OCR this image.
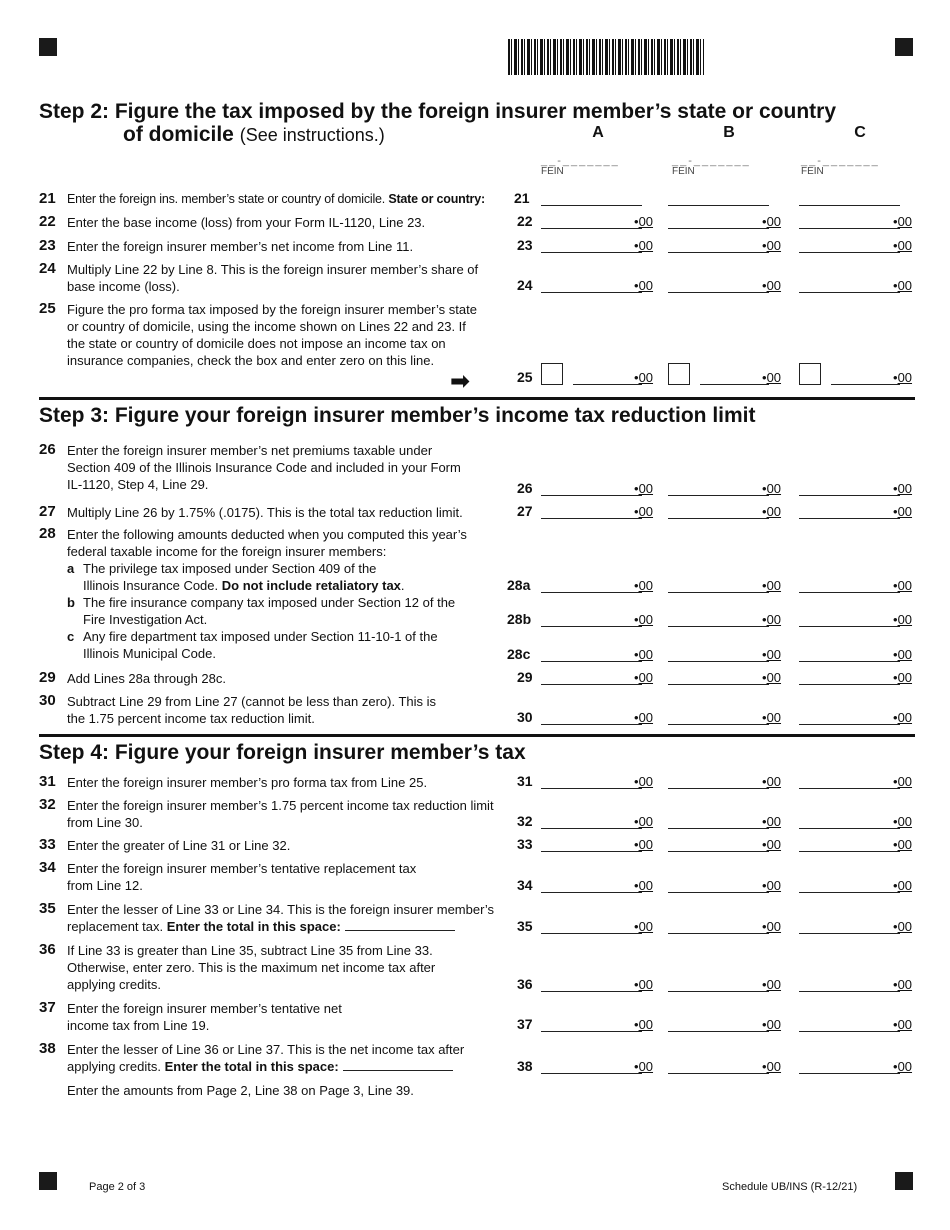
Step 2: Figure the tax imposed by the foreign insurer member’s state or country
of domicile (See instructions.)	A	B	C
__-_______
FEIN
__-_______
FEIN
__-_______
FEIN
21 Enter the foreign ins. member’s state or country of domicile. State or country:	21
22 Enter the base income (loss) from your Form IL-1120, Line 23.	22	•00	•00	•00
23 Enter the foreign insurer member’s net income from Line 11.	23	•00	•00	•00
24 Multiply Line 22 by Line 8. This is the foreign insurer member’s share of base income (loss).	24	•00	•00	•00
25 Figure the pro forma tax imposed by the foreign insurer member’s state or country of domicile, using the income shown on Lines 22 and 23. If the state or country of domicile does not impose an income tax on insurance companies, check the box and enter zero on this line.
25	•00	•00	•00
26 Enter the foreign insurer member’s net premiums taxable under Section 409 of the Illinois Insurance Code and included in your Form IL-1120, Step 4, Line 29.	26	•00	•00	•00
27 Multiply Line 26 by 1.75% (.0175). This is the total tax reduction limit.	27	•00	•00	•00
28 Enter the following amounts deducted when you computed this year’s federal taxable income for the foreign insurer members:
a The privilege tax imposed under Section 409 of the
Illinois Insurance Code. Do not include retaliatory tax.	28a	•00	•00	•00
b The fire insurance company tax imposed under Section 12 of the
Fire Investigation Act.	28b	•00	•00	•00
c Any fire department tax imposed under Section 11-10-1 of the
Illinois Municipal Code.	28c	•00	•00	•00
29 Add Lines 28a through 28c.	29	•00	•00	•00
30 Subtract Line 29 from Line 27 (cannot be less than zero). This is the 1.75 percent income tax reduction limit.	30	•00	•00	•00
31 Enter the foreign insurer member’s pro forma tax from Line 25.	31	•00	•00	•00
32 Enter the foreign insurer member’s 1.75 percent income tax reduction limit from Line 30.	32	•00	•00	•00
33 Enter the greater of Line 31 or Line 32.	33	•00	•00	•00
34 Enter the foreign insurer member’s tentative replacement tax from Line 12.	34	•00	•00	•00
35 Enter the lesser of Line 33 or Line 34. This is the foreign insurer member’s replacement tax. Enter the total in this space:	35	•00	•00	•00
36 If Line 33 is greater than Line 35, subtract Line 35 from Line 33. Otherwise, enter zero. This is the maximum net income tax after applying credits.	36	•00	•00	•00
37 Enter the foreign insurer member’s tentative net income tax from Line 19.	37	•00	•00	•00
38 Enter the lesser of Line 36 or Line 37. This is the net income tax after applying credits. Enter the total in this space:	38	•00	•00	•00
➡
Step 3: Figure your foreign insurer member’s income tax reduction limit
Step 4: Figure your foreign insurer member’s tax
Enter the amounts from Page 2, Line 38 on Page 3, Line 39.
Page 2 of 3	Schedule UB/INS (R-12/21)
